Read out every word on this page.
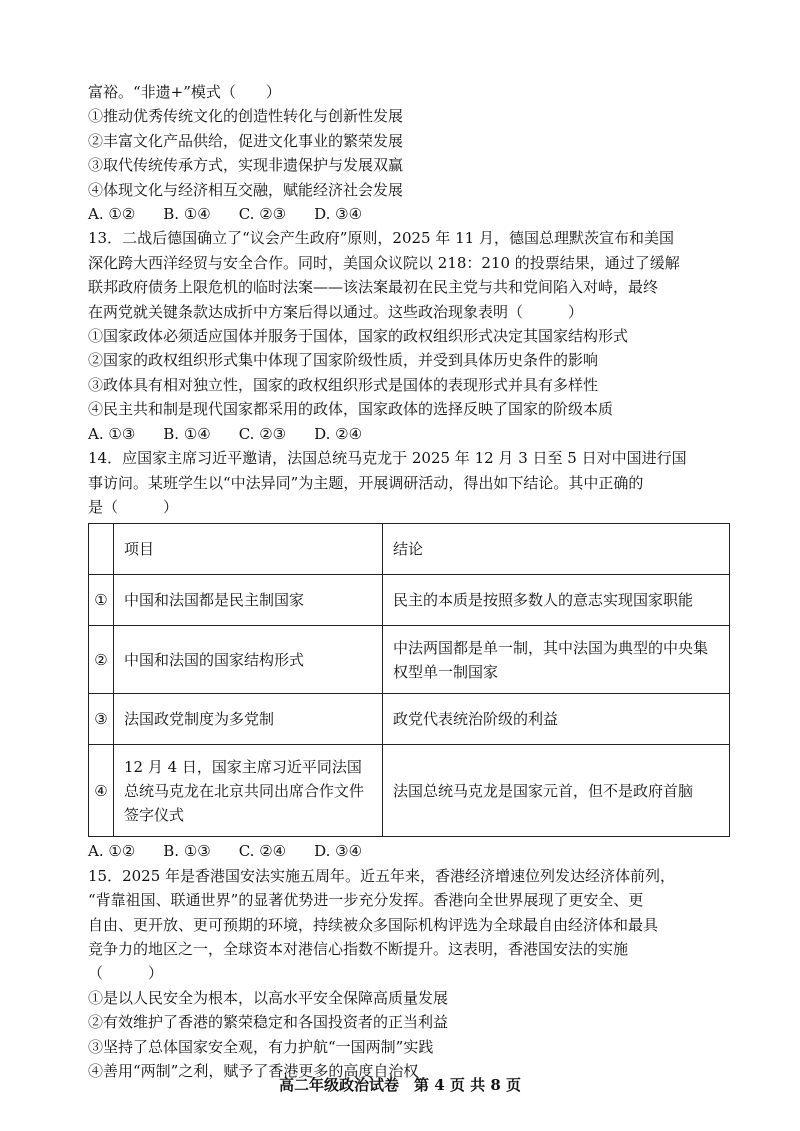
富裕。“非遗+”模式（　　）
①推动优秀传统文化的创造性转化与创新性发展
②丰富文化产品供给，促进文化事业的繁荣发展
③取代传统传承方式，实现非遗保护与发展双赢
④体现文化与经济相互交融，赋能经济社会发展
A. ①② B. ①④ C. ②③ D. ③④
13．二战后德国确立了“议会产生政府”原则，2025 年 11 月，德国总理默茨宣布和美国
深化跨大西洋经贸与安全合作。同时，美国众议院以 218：210 的投票结果，通过了缓解
联邦政府债务上限危机的临时法案——该法案最初在民主党与共和党间陷入对峙，最终
在两党就关键条款达成折中方案后得以通过。这些政治现象表明（　　　）
①国家政体必须适应国体并服务于国体，国家的政权组织形式决定其国家结构形式
②国家的政权组织形式集中体现了国家阶级性质，并受到具体历史条件的影响
③政体具有相对独立性，国家的政权组织形式是国体的表现形式并具有多样性
④民主共和制是现代国家都采用的政体，国家政体的选择反映了国家的阶级本质
A. ①③ B. ①④ C. ②③ D. ②④
14．应国家主席习近平邀请，法国总统马克龙于 2025 年 12 月 3 日至 5 日对中国进行国
事访问。某班学生以“中法异同”为主题，开展调研活动，得出如下结论。其中正确的
是（　　　）
	项目	结论
①	中国和法国都是民主制国家	民主的本质是按照多数人的意志实现国家职能
②	中国和法国的国家结构形式	中法两国都是单一制，其中法国为典型的中央集权型单一制国家
③	法国政党制度为多党制	政党代表统治阶级的利益
④	12 月 4 日，国家主席习近平同法国总统马克龙在北京共同出席合作文件签字仪式	法国总统马克龙是国家元首，但不是政府首脑
A. ①② B. ①③ C. ②④ D. ③④
15．2025 年是香港国安法实施五周年。近五年来，香港经济增速位列发达经济体前列，
“背靠祖国、联通世界”的显著优势进一步充分发挥。香港向全世界展现了更安全、更
自由、更开放、更可预期的环境，持续被众多国际机构评选为全球最自由经济体和最具
竞争力的地区之一，全球资本对港信心指数不断提升。这表明，香港国安法的实施
（　　　）
①是以人民安全为根本，以高水平安全保障高质量发展
②有效维护了香港的繁荣稳定和各国投资者的正当利益
③坚持了总体国家安全观，有力护航“一国两制”实践
④善用“两制”之利，赋予了香港更多的高度自治权
高二年级政治试卷　第 4 页 共 8 页
